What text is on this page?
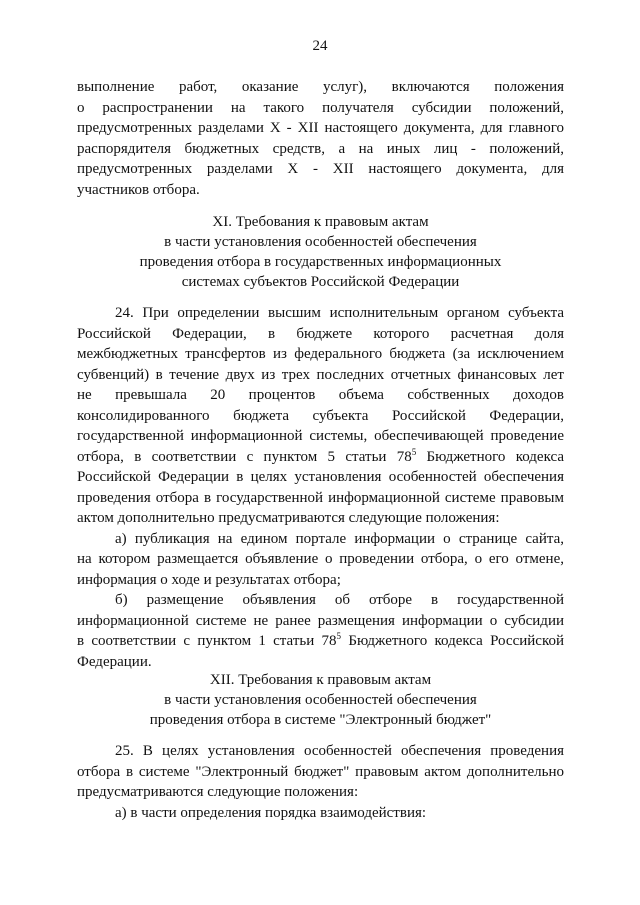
24

выполнение работ, оказание услуг), включаются положения

о распространении на такого получателя субсидии положений,

предусмотренных разделами X - XII настоящего документа, для главного

распорядителя бюджетных средств, а на иных лиц - положений,

предусмотренных разделами X - XII настоящего документа, для

участников отбора.

XI. Требования к правовым актам

в части установления особенностей обеспечения

проведения отбора в государственных информационных

системах субъектов Российской Федерации

24. При определении высшим исполнительным органом субъекта

Российской Федерации, в бюджете которого расчетная доля

межбюджетных трансфертов из федерального бюджета (за исключением

субвенций) в течение двух из трех последних отчетных финансовых лет

не превышала 20 процентов объема собственных доходов

консолидированного бюджета субъекта Российской Федерации,

государственной информационной системы, обеспечивающей проведение

отбора, в соответствии с пунктом 5 статьи $78^5$ Бюджетного кодекса

Российской Федерации в целях установления особенностей обеспечения

проведения отбора в государственной информационной системе правовым

актом дополнительно предусматриваются следующие положения:

а) публикация на едином портале информации о странице сайта,

на котором размещается объявление о проведении отбора, о его отмене,

информация о ходе и результатах отбора;

б) размещение объявления об отборе в государственной

информационной системе не ранее размещения информации о субсидии

в соответствии с пунктом 1 статьи $78^5$ Бюджетного кодекса Российской

Федерации.

XII. Требования к правовым актам

в части установления особенностей обеспечения

проведения отбора в системе "Электронный бюджет"

25. В целях установления особенностей обеспечения проведения

отбора в системе "Электронный бюджет" правовым актом дополнительно

предусматриваются следующие положения:

а) в части определения порядка взаимодействия:
